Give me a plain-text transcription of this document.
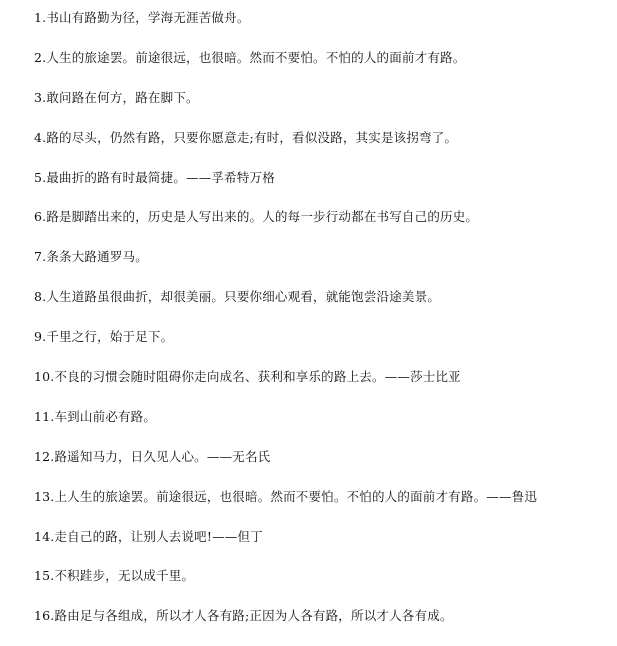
1.书山有路勤为径，学海无涯苦做舟。
2.人生的旅途罢。前途很远，也很暗。然而不要怕。不怕的人的面前才有路。
3.敢问路在何方，路在脚下。
4.路的尽头，仍然有路，只要你愿意走;有时，看似没路，其实是该拐弯了。
5.最曲折的路有时最简捷。——孚希特万格
6.路是脚踏出来的，历史是人写出来的。人的每一步行动都在书写自己的历史。
7.条条大路通罗马。
8.人生道路虽很曲折，却很美丽。只要你细心观看，就能饱尝沿途美景。
9.千里之行，始于足下。
10.不良的习惯会随时阻碍你走向成名、获利和享乐的路上去。——莎士比亚
11.车到山前必有路。
12.路遥知马力，日久见人心。——无名氏
13.上人生的旅途罢。前途很远，也很暗。然而不要怕。不怕的人的面前才有路。——鲁迅
14.走自己的路，让别人去说吧!——但丁
15.不积跬步，无以成千里。
16.路由足与各组成，所以才人各有路;正因为人各有路，所以才人各有成。
